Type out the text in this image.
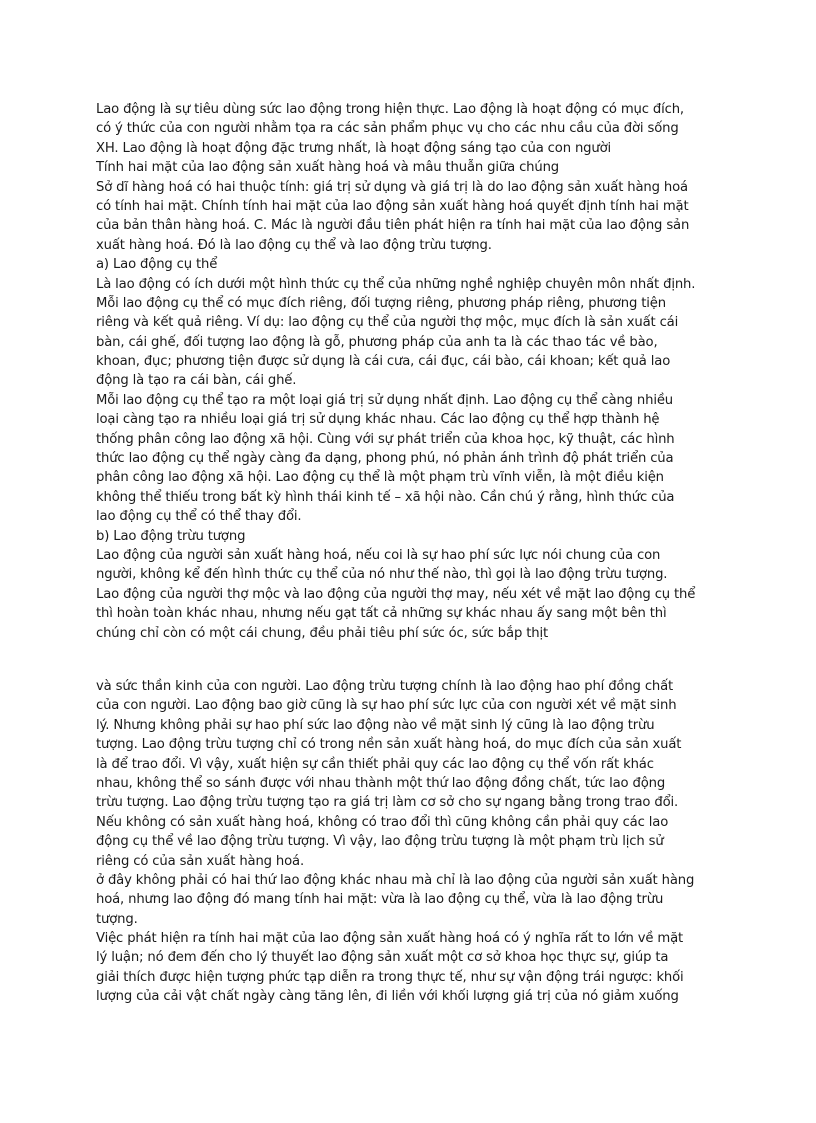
Lao động là sự tiêu dùng sức lao động trong hiện thực. Lao động là hoạt động có mục đích,
có ý thức của con người nhằm tọa ra các sản phẩm phục vụ cho các nhu cầu của đời sống
XH. Lao động là hoạt động đặc trưng nhất, là hoạt động sáng tạo của con người
Tính hai mặt của lao động sản xuất hàng hoá và mâu thuẫn giữa chúng
Sở dĩ hàng hoá có hai thuộc tính: giá trị sử dụng và giá trị là do lao động sản xuất hàng hoá
có tính hai mặt. Chính tính hai mặt của lao động sản xuất hàng hoá quyết định tính hai mặt
của bản thân hàng hoá. C. Mác là người đầu tiên phát hiện ra tính hai mặt của lao động sản
xuất hàng hoá. Đó là lao động cụ thể và lao động trừu tượng.
a) Lao động cụ thể
Là lao động có ích dưới một hình thức cụ thể của những nghề nghiệp chuyên môn nhất định.
Mỗi lao động cụ thể có mục đích riêng, đối tượng riêng, phương pháp riêng, phương tiện
riêng và kết quả riêng. Ví dụ: lao động cụ thể của người thợ mộc, mục đích là sản xuất cái
bàn, cái ghế, đối tượng lao động là gỗ, phương pháp của anh ta là các thao tác về bào,
khoan, đục; phương tiện được sử dụng là cái cưa, cái đục, cái bào, cái khoan; kết quả lao
động là tạo ra cái bàn, cái ghế.
Mỗi lao động cụ thể tạo ra một loại giá trị sử dụng nhất định. Lao động cụ thể càng nhiều
loại càng tạo ra nhiều loại giá trị sử dụng khác nhau. Các lao động cụ thể hợp thành hệ
thống phân công lao động xã hội. Cùng với sự phát triển của khoa học, kỹ thuật, các hình
thức lao động cụ thể ngày càng đa dạng, phong phú, nó phản ánh trình độ phát triển của
phân công lao động xã hội. Lao động cụ thể là một phạm trù vĩnh viễn, là một điều kiện
không thể thiếu trong bất kỳ hình thái kinh tế – xã hội nào. Cần chú ý rằng, hình thức của
lao động cụ thể có thể thay đổi.
b) Lao động trừu tượng
Lao động của người sản xuất hàng hoá, nếu coi là sự hao phí sức lực nói chung của con
người, không kể đến hình thức cụ thể của nó như thế nào, thì gọi là lao động trừu tượng.
Lao động của người thợ mộc và lao động của người thợ may, nếu xét về mặt lao động cụ thể
thì hoàn toàn khác nhau, nhưng nếu gạt tất cả những sự khác nhau ấy sang một bên thì
chúng chỉ còn có một cái chung, đều phải tiêu phí sức óc, sức bắp thịt
và sức thần kinh của con người. Lao động trừu tượng chính là lao động hao phí đồng chất
của con người. Lao động bao giờ cũng là sự hao phí sức lực của con người xét về mặt sinh
lý. Nhưng không phải sự hao phí sức lao động nào về mặt sinh lý cũng là lao động trừu
tượng. Lao động trừu tượng chỉ có trong nền sản xuất hàng hoá, do mục đích của sản xuất
là để trao đổi. Vì vậy, xuất hiện sự cần thiết phải quy các lao động cụ thể vốn rất khác
nhau, không thể so sánh được với nhau thành một thứ lao động đồng chất, tức lao động
trừu tượng. Lao động trừu tượng tạo ra giá trị làm cơ sở cho sự ngang bằng trong trao đổi.
Nếu không có sản xuất hàng hoá, không có trao đổi thì cũng không cần phải quy các lao
động cụ thể về lao động trừu tượng. Vì vậy, lao động trừu tượng là một phạm trù lịch sử
riêng có của sản xuất hàng hoá.
ở đây không phải có hai thứ lao động khác nhau mà chỉ là lao động của người sản xuất hàng
hoá, nhưng lao động đó mang tính hai mặt: vừa là lao động cụ thể, vừa là lao động trừu
tượng.
Việc phát hiện ra tính hai mặt của lao động sản xuất hàng hoá có ý nghĩa rất to lớn về mặt
lý luận; nó đem đến cho lý thuyết lao động sản xuất một cơ sở khoa học thực sự, giúp ta
giải thích được hiện tượng phức tạp diễn ra trong thực tế, như sự vận động trái ngược: khối
lượng của cải vật chất ngày càng tăng lên, đi liền với khối lượng giá trị của nó giảm xuống
